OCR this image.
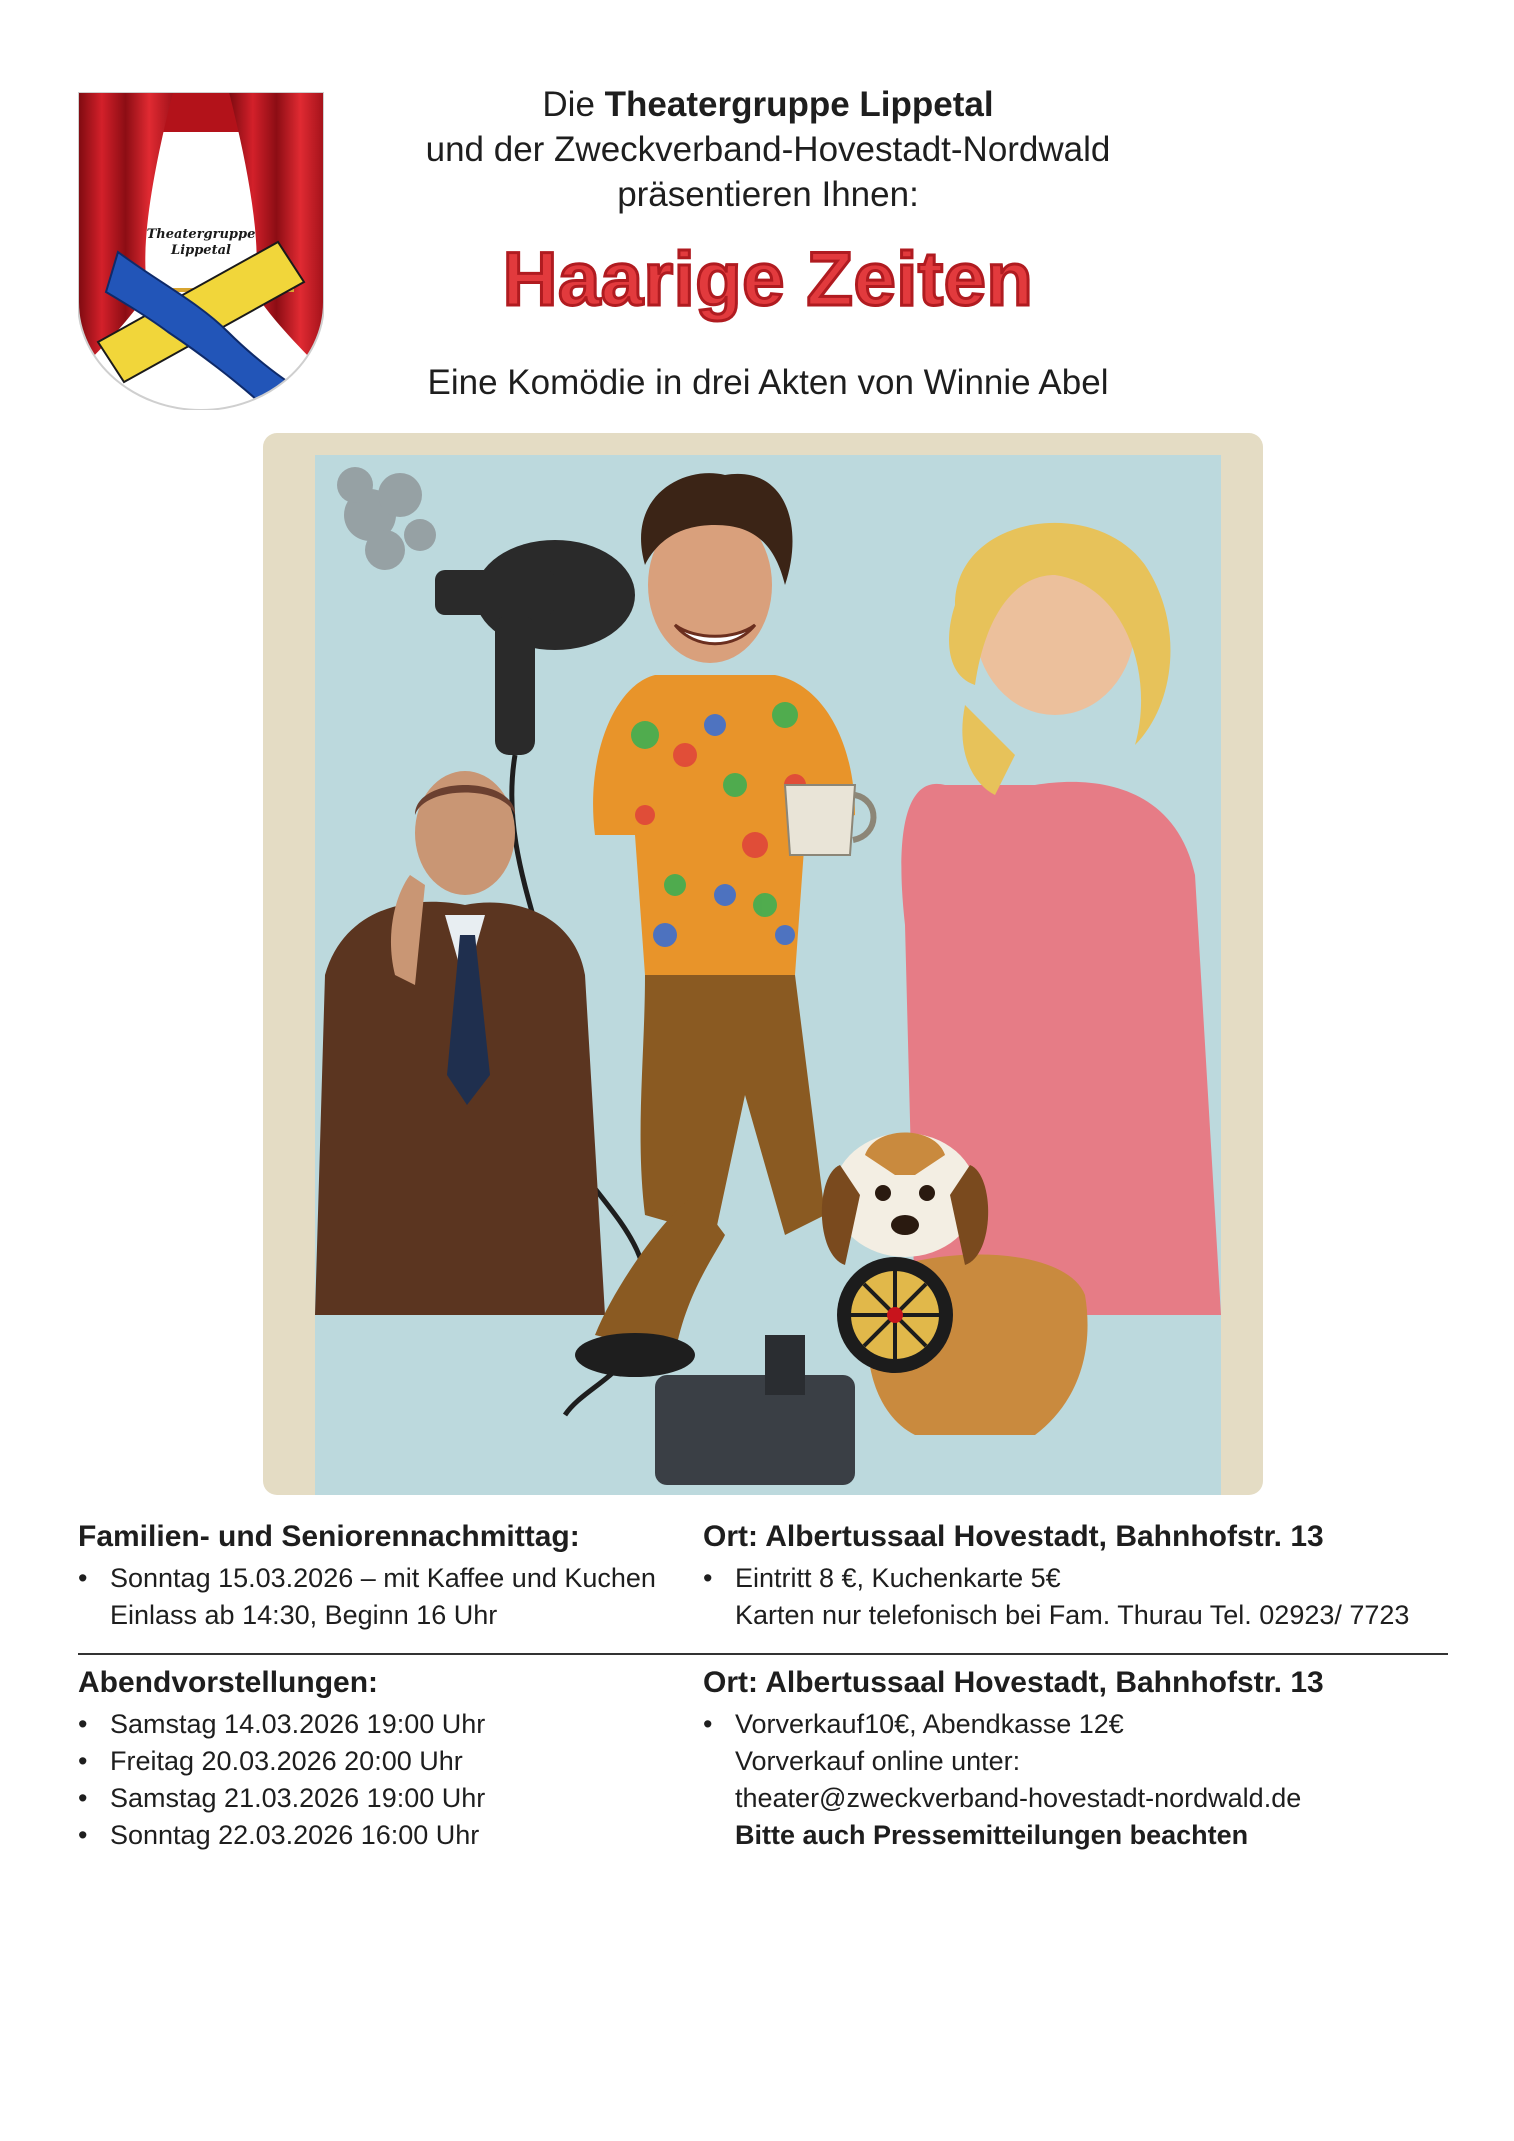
Theatergruppe
Lippetal
Die Theatergruppe Lippetal
und der Zweckverband-Hovestadt-Nordwald
präsentieren Ihnen:
Haarige Zeiten
Eine Komödie in drei Akten von Winnie Abel
Familien- und Seniorennachmittag:
• Sonntag 15.03.2026 – mit Kaffee und Kuchen
Einlass ab 14:30, Beginn 16 Uhr
Ort: Albertussaal Hovestadt, Bahnhofstr. 13
• Eintritt 8 €, Kuchenkarte 5€
Karten nur telefonisch bei Fam. Thurau Tel. 02923/ 7723
Abendvorstellungen:
• Samstag 14.03.2026 19:00 Uhr
• Freitag 20.03.2026 20:00 Uhr
• Samstag 21.03.2026 19:00 Uhr
• Sonntag 22.03.2026 16:00 Uhr
Ort: Albertussaal Hovestadt, Bahnhofstr. 13
• Vorverkauf10€, Abendkasse 12€
Vorverkauf online unter:
theater@zweckverband-hovestadt-nordwald.de
Bitte auch Pressemitteilungen beachten
